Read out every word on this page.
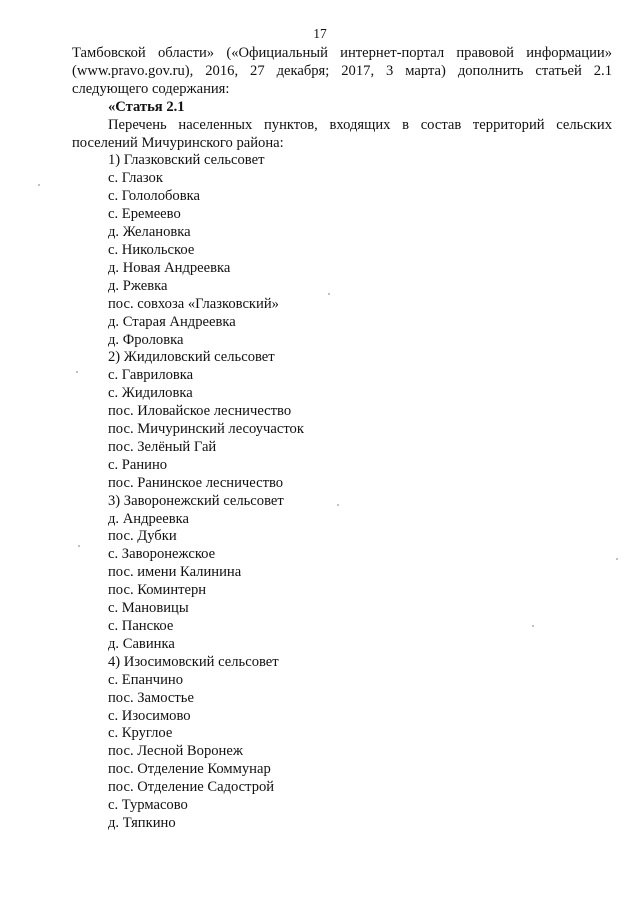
17

Тамбовской области» («Официальный интернет-портал правовой информации» (www.pravo.gov.ru), 2016, 27 декабря; 2017, 3 марта) дополнить статьей 2.1 следующего содержания:

«Статья 2.1

Перечень населенных пунктов, входящих в состав территорий сельских поселений Мичуринского района:

1) Глазковский сельсовет
с. Глазок
с. Гололобовка
с. Еремеево
д. Желановка
с. Никольское
д. Новая Андреевка
д. Ржевка
пос. совхоза «Глазковский»
д. Старая Андреевка
д. Фроловка
2) Жидиловский сельсовет
с. Гавриловка
с. Жидиловка
пос. Иловайское лесничество
пос. Мичуринский лесоучасток
пос. Зелёный Гай
с. Ранино
пос. Ранинское лесничество
3) Заворонежский сельсовет
д. Андреевка
пос. Дубки
с. Заворонежское
пос. имени Калинина
пос. Коминтерн
с. Мановицы
с. Панское
д. Савинка
4) Изосимовский сельсовет
с. Епанчино
пос. Замостье
с. Изосимово
с. Круглое
пос. Лесной Воронеж
пос. Отделение Коммунар
пос. Отделение Садострой
с. Турмасово
д. Тяпкино
